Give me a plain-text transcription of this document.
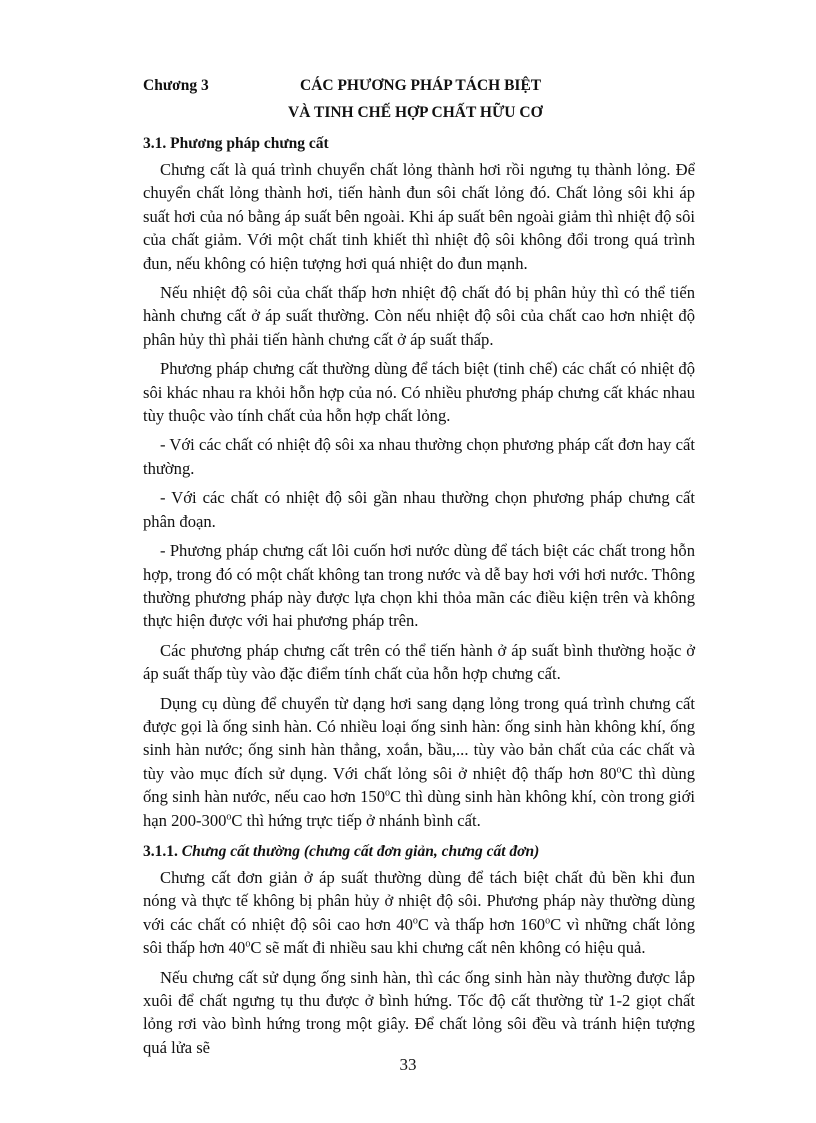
Chương 3	CÁC PHƯƠNG PHÁP TÁCH BIỆT
VÀ TINH CHẾ HỢP CHẤT HỮU CƠ
3.1. Phương pháp chưng cất

Chưng cất là quá trình chuyển chất lỏng thành hơi rồi ngưng tụ thành lỏng. Để chuyển chất lỏng thành hơi, tiến hành đun sôi chất lỏng đó. Chất lỏng sôi khi áp suất hơi của nó bằng áp suất bên ngoài. Khi áp suất bên ngoài giảm thì nhiệt độ sôi của chất giảm. Với một chất tinh khiết thì nhiệt độ sôi không đổi trong quá trình đun, nếu không có hiện tượng hơi quá nhiệt do đun mạnh.

Nếu nhiệt độ sôi của chất thấp hơn nhiệt độ chất đó bị phân hủy thì có thể tiến hành chưng cất ở áp suất thường. Còn nếu nhiệt độ sôi của chất cao hơn nhiệt độ phân hủy thì phải tiến hành chưng cất ở áp suất thấp.

Phương pháp chưng cất thường dùng để tách biệt (tinh chế) các chất có nhiệt độ sôi khác nhau ra khỏi hỗn hợp của nó. Có nhiều phương pháp chưng cất khác nhau tùy thuộc vào tính chất của hỗn hợp chất lỏng.

- Với các chất có nhiệt độ sôi xa nhau thường chọn phương pháp cất đơn hay cất thường.

- Với các chất có nhiệt độ sôi gần nhau thường chọn phương pháp chưng cất phân đoạn.

- Phương pháp chưng cất lôi cuốn hơi nước dùng để tách biệt các chất trong hỗn hợp, trong đó có một chất không tan trong nước và dễ bay hơi với hơi nước. Thông thường phương pháp này được lựa chọn khi thỏa mãn các điều kiện trên và không thực hiện được với hai phương pháp trên.

Các phương pháp chưng cất trên có thể tiến hành ở áp suất bình thường hoặc ở áp suất thấp tùy vào đặc điểm tính chất của hỗn hợp chưng cất.

Dụng cụ dùng để chuyển từ dạng hơi sang dạng lỏng trong quá trình chưng cất được gọi là ống sinh hàn. Có nhiều loại ống sinh hàn: ống sinh hàn không khí, ống sinh hàn nước; ống sinh hàn thẳng, xoắn, bầu,... tùy vào bản chất của các chất và tùy vào mục đích sử dụng. Với chất lỏng sôi ở nhiệt độ thấp hơn 80$^o$C thì dùng ống sinh hàn nước, nếu cao hơn 150$^o$C thì dùng sinh hàn không khí, còn trong giới hạn 200-300$^o$C thì hứng trực tiếp ở nhánh bình cất.

3.1.1. Chưng cất thường (chưng cất đơn giản, chưng cất đơn)

Chưng cất đơn giản ở áp suất thường dùng để tách biệt chất đủ bền khi đun nóng và thực tế không bị phân hủy ở nhiệt độ sôi. Phương pháp này thường dùng với các chất có nhiệt độ sôi cao hơn 40$^o$C và thấp hơn 160$^o$C vì những chất lỏng sôi thấp hơn 40$^o$C sẽ mất đi nhiều sau khi chưng cất nên không có hiệu quả.

Nếu chưng cất sử dụng ống sinh hàn, thì các ống sinh hàn này thường được lắp xuôi để chất ngưng tụ thu được ở bình hứng. Tốc độ cất thường từ 1-2 giọt chất lỏng rơi vào bình hứng trong một giây. Để chất lỏng sôi đều và tránh hiện tượng quá lửa sẽ

33
